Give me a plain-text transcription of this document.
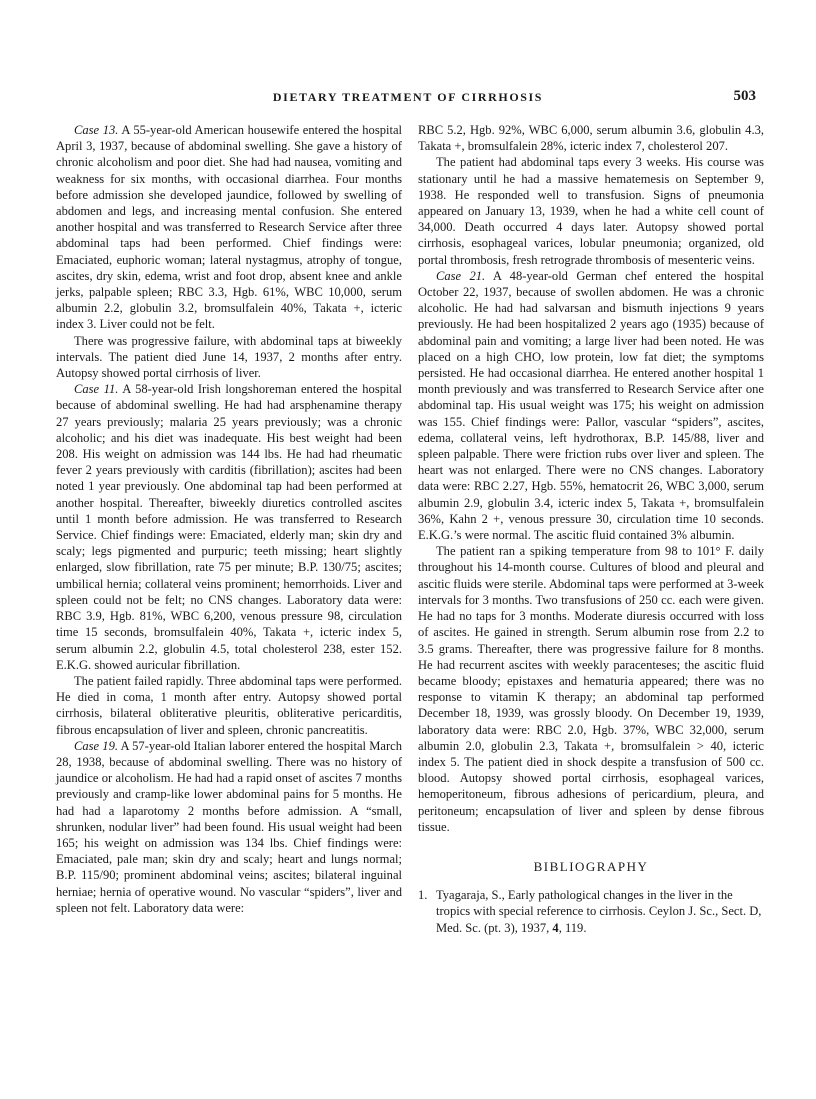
DIETARY TREATMENT OF CIRRHOSIS	503

Case 13. A 55-year-old American housewife entered the hospital April 3, 1937, because of abdominal swelling. She gave a history of chronic alcoholism and poor diet. She had had nausea, vomiting and weakness for six months, with occasional diarrhea. Four months before admission she developed jaundice, followed by swelling of abdomen and legs, and increasing mental confusion. She entered another hospital and was transferred to Research Service after three abdominal taps had been performed. Chief findings were: Emaciated, euphoric woman; lateral nystagmus, atrophy of tongue, ascites, dry skin, edema, wrist and foot drop, absent knee and ankle jerks, palpable spleen; RBC 3.3, Hgb. 61%, WBC 10,000, serum albumin 2.2, globulin 3.2, bromsulfalein 40%, Takata +, icteric index 3. Liver could not be felt.

There was progressive failure, with abdominal taps at biweekly intervals. The patient died June 14, 1937, 2 months after entry. Autopsy showed portal cirrhosis of liver.

Case 11. A 58-year-old Irish longshoreman entered the hospital because of abdominal swelling. He had had arsphenamine therapy 27 years previously; malaria 25 years previously; was a chronic alcoholic; and his diet was inadequate. His best weight had been 208. His weight on admission was 144 lbs. He had had rheumatic fever 2 years previously with carditis (fibrillation); ascites had been noted 1 year previously. One abdominal tap had been performed at another hospital. Thereafter, biweekly diuretics controlled ascites until 1 month before admission. He was transferred to Research Service. Chief findings were: Emaciated, elderly man; skin dry and scaly; legs pigmented and purpuric; teeth missing; heart slightly enlarged, slow fibrillation, rate 75 per minute; B.P. 130/75; ascites; umbilical hernia; collateral veins prominent; hemorrhoids. Liver and spleen could not be felt; no CNS changes. Laboratory data were: RBC 3.9, Hgb. 81%, WBC 6,200, venous pressure 98, circulation time 15 seconds, bromsulfalein 40%, Takata +, icteric index 5, serum albumin 2.2, globulin 4.5, total cholesterol 238, ester 152. E.K.G. showed auricular fibrillation.

The patient failed rapidly. Three abdominal taps were performed. He died in coma, 1 month after entry. Autopsy showed portal cirrhosis, bilateral obliterative pleuritis, obliterative pericarditis, fibrous encapsulation of liver and spleen, chronic pancreatitis.

Case 19. A 57-year-old Italian laborer entered the hospital March 28, 1938, because of abdominal swelling. There was no history of jaundice or alcoholism. He had had a rapid onset of ascites 7 months previously and cramp-like lower abdominal pains for 5 months. He had had a laparotomy 2 months before admission. A “small, shrunken, nodular liver” had been found. His usual weight had been 165; his weight on admission was 134 lbs. Chief findings were: Emaciated, pale man; skin dry and scaly; heart and lungs normal; B.P. 115/90; prominent abdominal veins; ascites; bilateral inguinal herniae; hernia of operative wound. No vascular “spiders”, liver and spleen not felt. Laboratory data were:

RBC 5.2, Hgb. 92%, WBC 6,000, serum albumin 3.6, globulin 4.3, Takata +, bromsulfalein 28%, icteric index 7, cholesterol 207.

The patient had abdominal taps every 3 weeks. His course was stationary until he had a massive hematemesis on September 9, 1938. He responded well to transfusion. Signs of pneumonia appeared on January 13, 1939, when he had a white cell count of 34,000. Death occurred 4 days later. Autopsy showed portal cirrhosis, esophageal varices, lobular pneumonia; organized, old portal thrombosis, fresh retrograde thrombosis of mesenteric veins.

Case 21. A 48-year-old German chef entered the hospital October 22, 1937, because of swollen abdomen. He was a chronic alcoholic. He had had salvarsan and bismuth injections 9 years previously. He had been hospitalized 2 years ago (1935) because of abdominal pain and vomiting; a large liver had been noted. He was placed on a high CHO, low protein, low fat diet; the symptoms persisted. He had occasional diarrhea. He entered another hospital 1 month previously and was transferred to Research Service after one abdominal tap. His usual weight was 175; his weight on admission was 155. Chief findings were: Pallor, vascular “spiders”, ascites, edema, collateral veins, left hydrothorax, B.P. 145/88, liver and spleen palpable. There were friction rubs over liver and spleen. The heart was not enlarged. There were no CNS changes. Laboratory data were: RBC 2.27, Hgb. 55%, hematocrit 26, WBC 3,000, serum albumin 2.9, globulin 3.4, icteric index 5, Takata +, bromsulfalein 36%, Kahn 2 +, venous pressure 30, circulation time 10 seconds. E.K.G.’s were normal. The ascitic fluid contained 3% albumin.

The patient ran a spiking temperature from 98 to 101° F. daily throughout his 14-month course. Cultures of blood and pleural and ascitic fluids were sterile. Abdominal taps were performed at 3-week intervals for 3 months. Two transfusions of 250 cc. each were given. He had no taps for 3 months. Moderate diuresis occurred with loss of ascites. He gained in strength. Serum albumin rose from 2.2 to 3.5 grams. Thereafter, there was progressive failure for 8 months. He had recurrent ascites with weekly paracenteses; the ascitic fluid became bloody; epistaxes and hematuria appeared; there was no response to vitamin K therapy; an abdominal tap performed December 18, 1939, was grossly bloody. On December 19, 1939, laboratory data were: RBC 2.0, Hgb. 37%, WBC 32,000, serum albumin 2.0, globulin 2.3, Takata +, bromsulfalein > 40, icteric index 5. The patient died in shock despite a transfusion of 500 cc. blood. Autopsy showed portal cirrhosis, esophageal varices, hemoperitoneum, fibrous adhesions of pericardium, pleura, and peritoneum; encapsulation of liver and spleen by dense fibrous tissue.

BIBLIOGRAPHY

1. Tyagaraja, S., Early pathological changes in the liver in the tropics with special reference to cirrhosis. Ceylon J. Sc., Sect. D, Med. Sc. (pt. 3), 1937, 4, 119.
